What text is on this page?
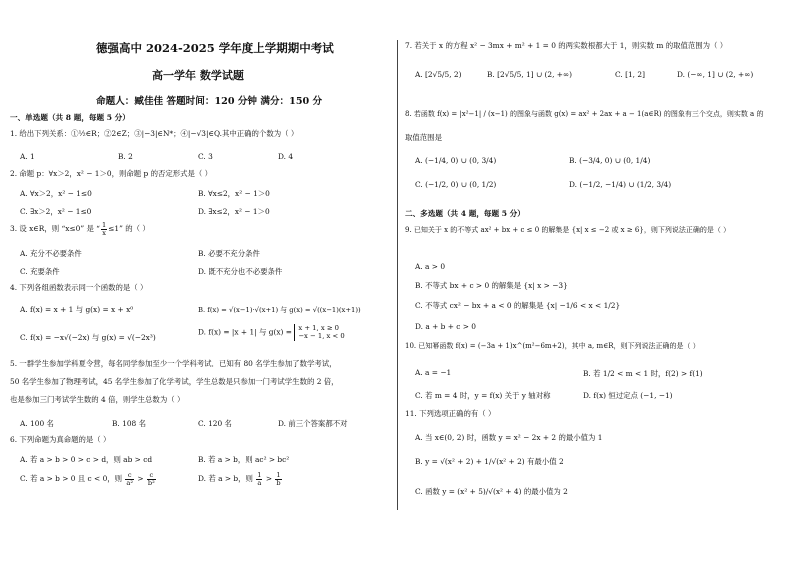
德强高中 2024-2025 学年度上学期期中考试
高一学年 数学试题
命题人：臧佳佳 答题时间：120 分钟 满分：150 分
一、单选题（共 8 题，每题 5 分）
1. 给出下列关系：①½∈R；②2∈Z；③|−3|∈N*；④|−√3|∈Q.其中正确的个数为（ ）
A. 1	B. 2	C. 3	D. 4
2. 命题 p：∀x＞2，x² − 1＞0，则命题 p 的否定形式是（ ）
A. ∀x＞2，x² − 1≤0	B. ∀x≤2，x² − 1＞0
C. ∃x＞2，x² − 1≤0	D. ∃x≤2，x² − 1＞0
3. 设 x∈R，则 “x≤0” 是 “ $\frac{1}{x} \le 1$” 的（ ）
A. 充分不必要条件	B. 必要不充分条件
C. 充要条件	D. 既不充分也不必要条件
4. 下列各组函数表示同一个函数的是（ ）
A. f(x) = x + 1 与 g(x) = x + x⁰	B. f(x) = √(x−1)·√(x+1) 与 g(x) = √((x−1)(x+1))
C. f(x) = −x√(−2x) 与 g(x) = √(−2x³)
D. f(x) = |x + 1| 与 g(x) = x + 1, x ≥ 0
−x − 1, x < 0
5. 一群学生参加学科夏令营，每名同学参加至少一个学科考试．已知有 80 名学生参加了数学考试，
50 名学生参加了物理考试，45 名学生参加了化学考试，学生总数是只参加一门考试学生数的 2 倍，
也是参加三门考试学生数的 4 倍，则学生总数为（ ）
A. 100 名	B. 108 名	C. 120 名	D. 前三个答案都不对
6. 下列命题为真命题的是（ ）
A. 若 a > b > 0 > c > d，则 ab > cd	B. 若 a > b，则 ac² > bc²
C. 若 a > b > 0 且 c < 0，则 $\frac{c}{\text{a²}} > \frac{c}{\text{b²}}$	D. 若 a > b，则 $\frac{1}{a} > \frac{1}{b}$
7. 若关于 x 的方程 x² − 3mx + m² + 1 = 0 的两实数根都大于 1，则实数 m 的取值范围为（ ）
A. [2√5/5, 2)	B. [2√5/5, 1] ∪ (2, +∞)	C. [1, 2]	D. (−∞, 1] ∪ (2, +∞)
8. 若函数 f(x) = |x²−1| / (x−1) 的图象与函数 g(x) = ax² + 2ax + a − 1(a∈R) 的图象有三个交点，则实数 a 的
取值范围是
A. (−1/4, 0) ∪ (0, 3/4)	B. (−3/4, 0) ∪ (0, 1/4)
C. (−1/2, 0) ∪ (0, 1/2)	D. (−1/2, −1/4) ∪ (1/2, 3/4)
二、多选题（共 4 题，每题 5 分）
9. 已知关于 x 的不等式 ax² + bx + c ≤ 0 的解集是 {x| x ≤ −2 或 x ≥ 6}，则下列说法正确的是（ ）
A. a > 0
B. 不等式 bx + c > 0 的解集是 {x| x > −3}
C. 不等式 cx² − bx + a < 0 的解集是 {x| −1/6 < x < 1/2}
D. a + b + c > 0
10. 已知幂函数 f(x) = (−3a + 1)x^(m²−6m+2)，其中 a, m∈R，则下列说法正确的是（ ）
A. a = −1	B. 若 1/2 < m < 1 时，f(2) > f(1)
C. 若 m = 4 时，y = f(x) 关于 y 轴对称	D. f(x) 恒过定点 (−1, −1)
11. 下列选项正确的有（ ）
A. 当 x∈(0, 2) 时，函数 y = x² − 2x + 2 的最小值为 1
B. y = √(x² + 2) + 1/√(x² + 2) 有最小值 2
C. 函数 y = (x² + 5)/√(x² + 4) 的最小值为 2
